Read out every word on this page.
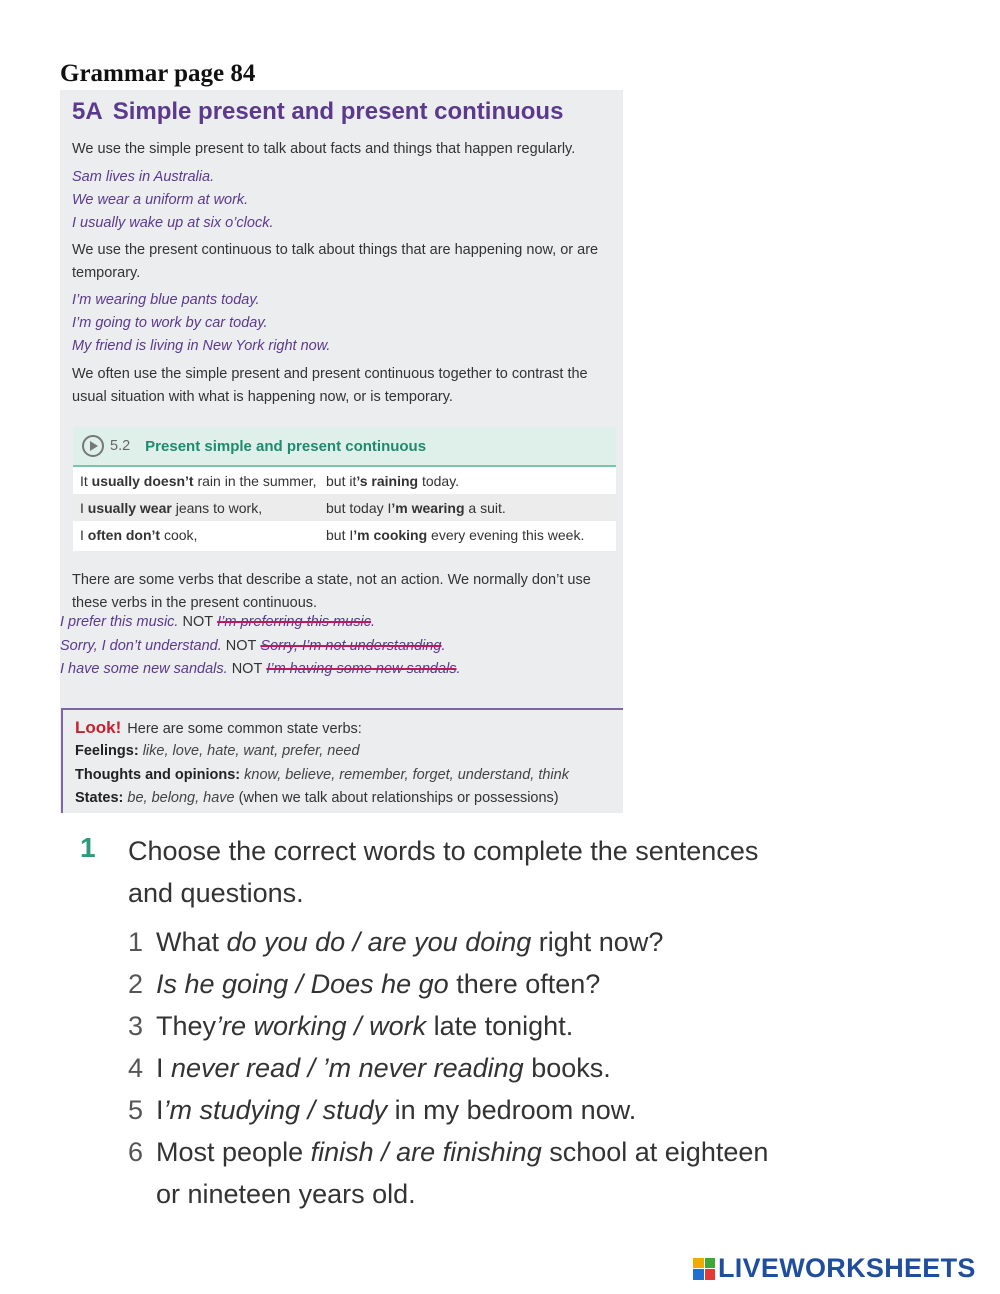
Grammar page 84
5A Simple present and present continuous

We use the simple present to talk about facts and things that happen regularly.

Sam lives in Australia.

We wear a uniform at work.

I usually wake up at six o’clock.

We use the present continuous to talk about things that are happening now, or are temporary.

I’m wearing blue pants today.

I’m going to work by car today.

My friend is living in New York right now.

We often use the simple present and present continuous together to contrast the usual situation with what is happening now, or is temporary.

5.2 Present simple and present continuous
It usually doesn’t rain in the summer, but it’s raining today.
I usually wear jeans to work,	but today I’m wearing a suit.
I often don’t cook,	but I’m cooking every evening this week.

There are some verbs that describe a state, not an action. We normally don’t use these verbs in the present continuous.

I prefer this music. NOT I’m preferring this music.

Sorry, I don’t understand. NOT Sorry, I’m not understanding.

I have some new sandals. NOT I’m having some new sandals.

Look! Here are some common state verbs:

Feelings: like, love, hate, want, prefer, need

Thoughts and opinions: know, believe, remember, forget, understand, think

States: be, belong, have (when we talk about relationships or possessions)

1 Choose the correct words to complete the sentences and questions.

1 What do you do / are you doing right now?

2 Is he going / Does he go there often?

3 They’re working / work late tonight.

4 I never read / ’m never reading books.

5 I’m studying / study in my bedroom now.

6 Most people finish / are finishing school at eighteen or nineteen years old.

LIVEWORKSHEETS
